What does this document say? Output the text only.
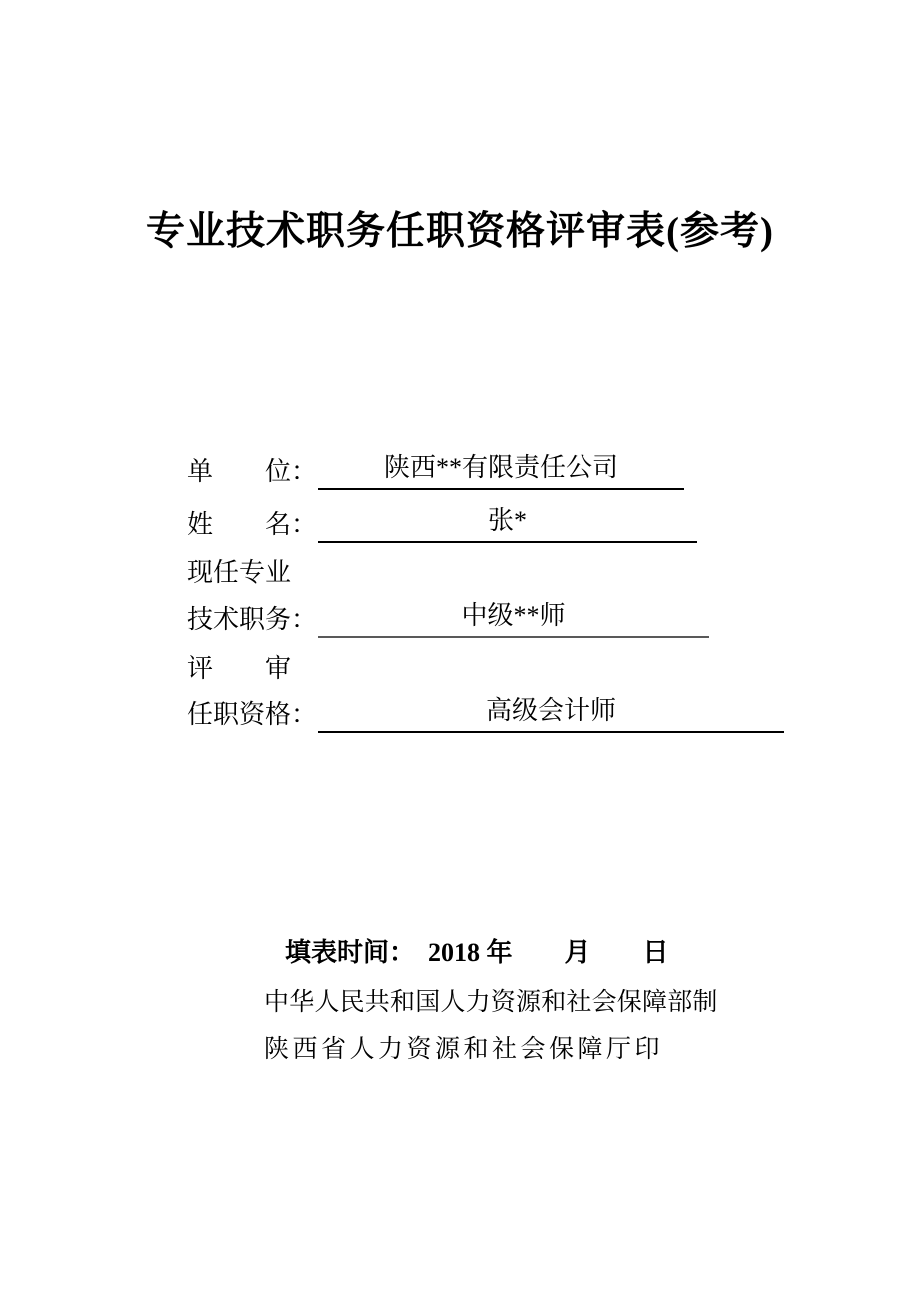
专业技术职务任职资格评审表(参考)
单位 ：	陕西**有限责任公司
姓名 ：	张*
现任专业
技术职务 ：	中级**师
评审
任职资格 ：	高级会计师
填表时间：　2018 年　　月　　日
中华人民共和国人力资源和社会保障部制
陕西省人力资源和社会保障厅印
